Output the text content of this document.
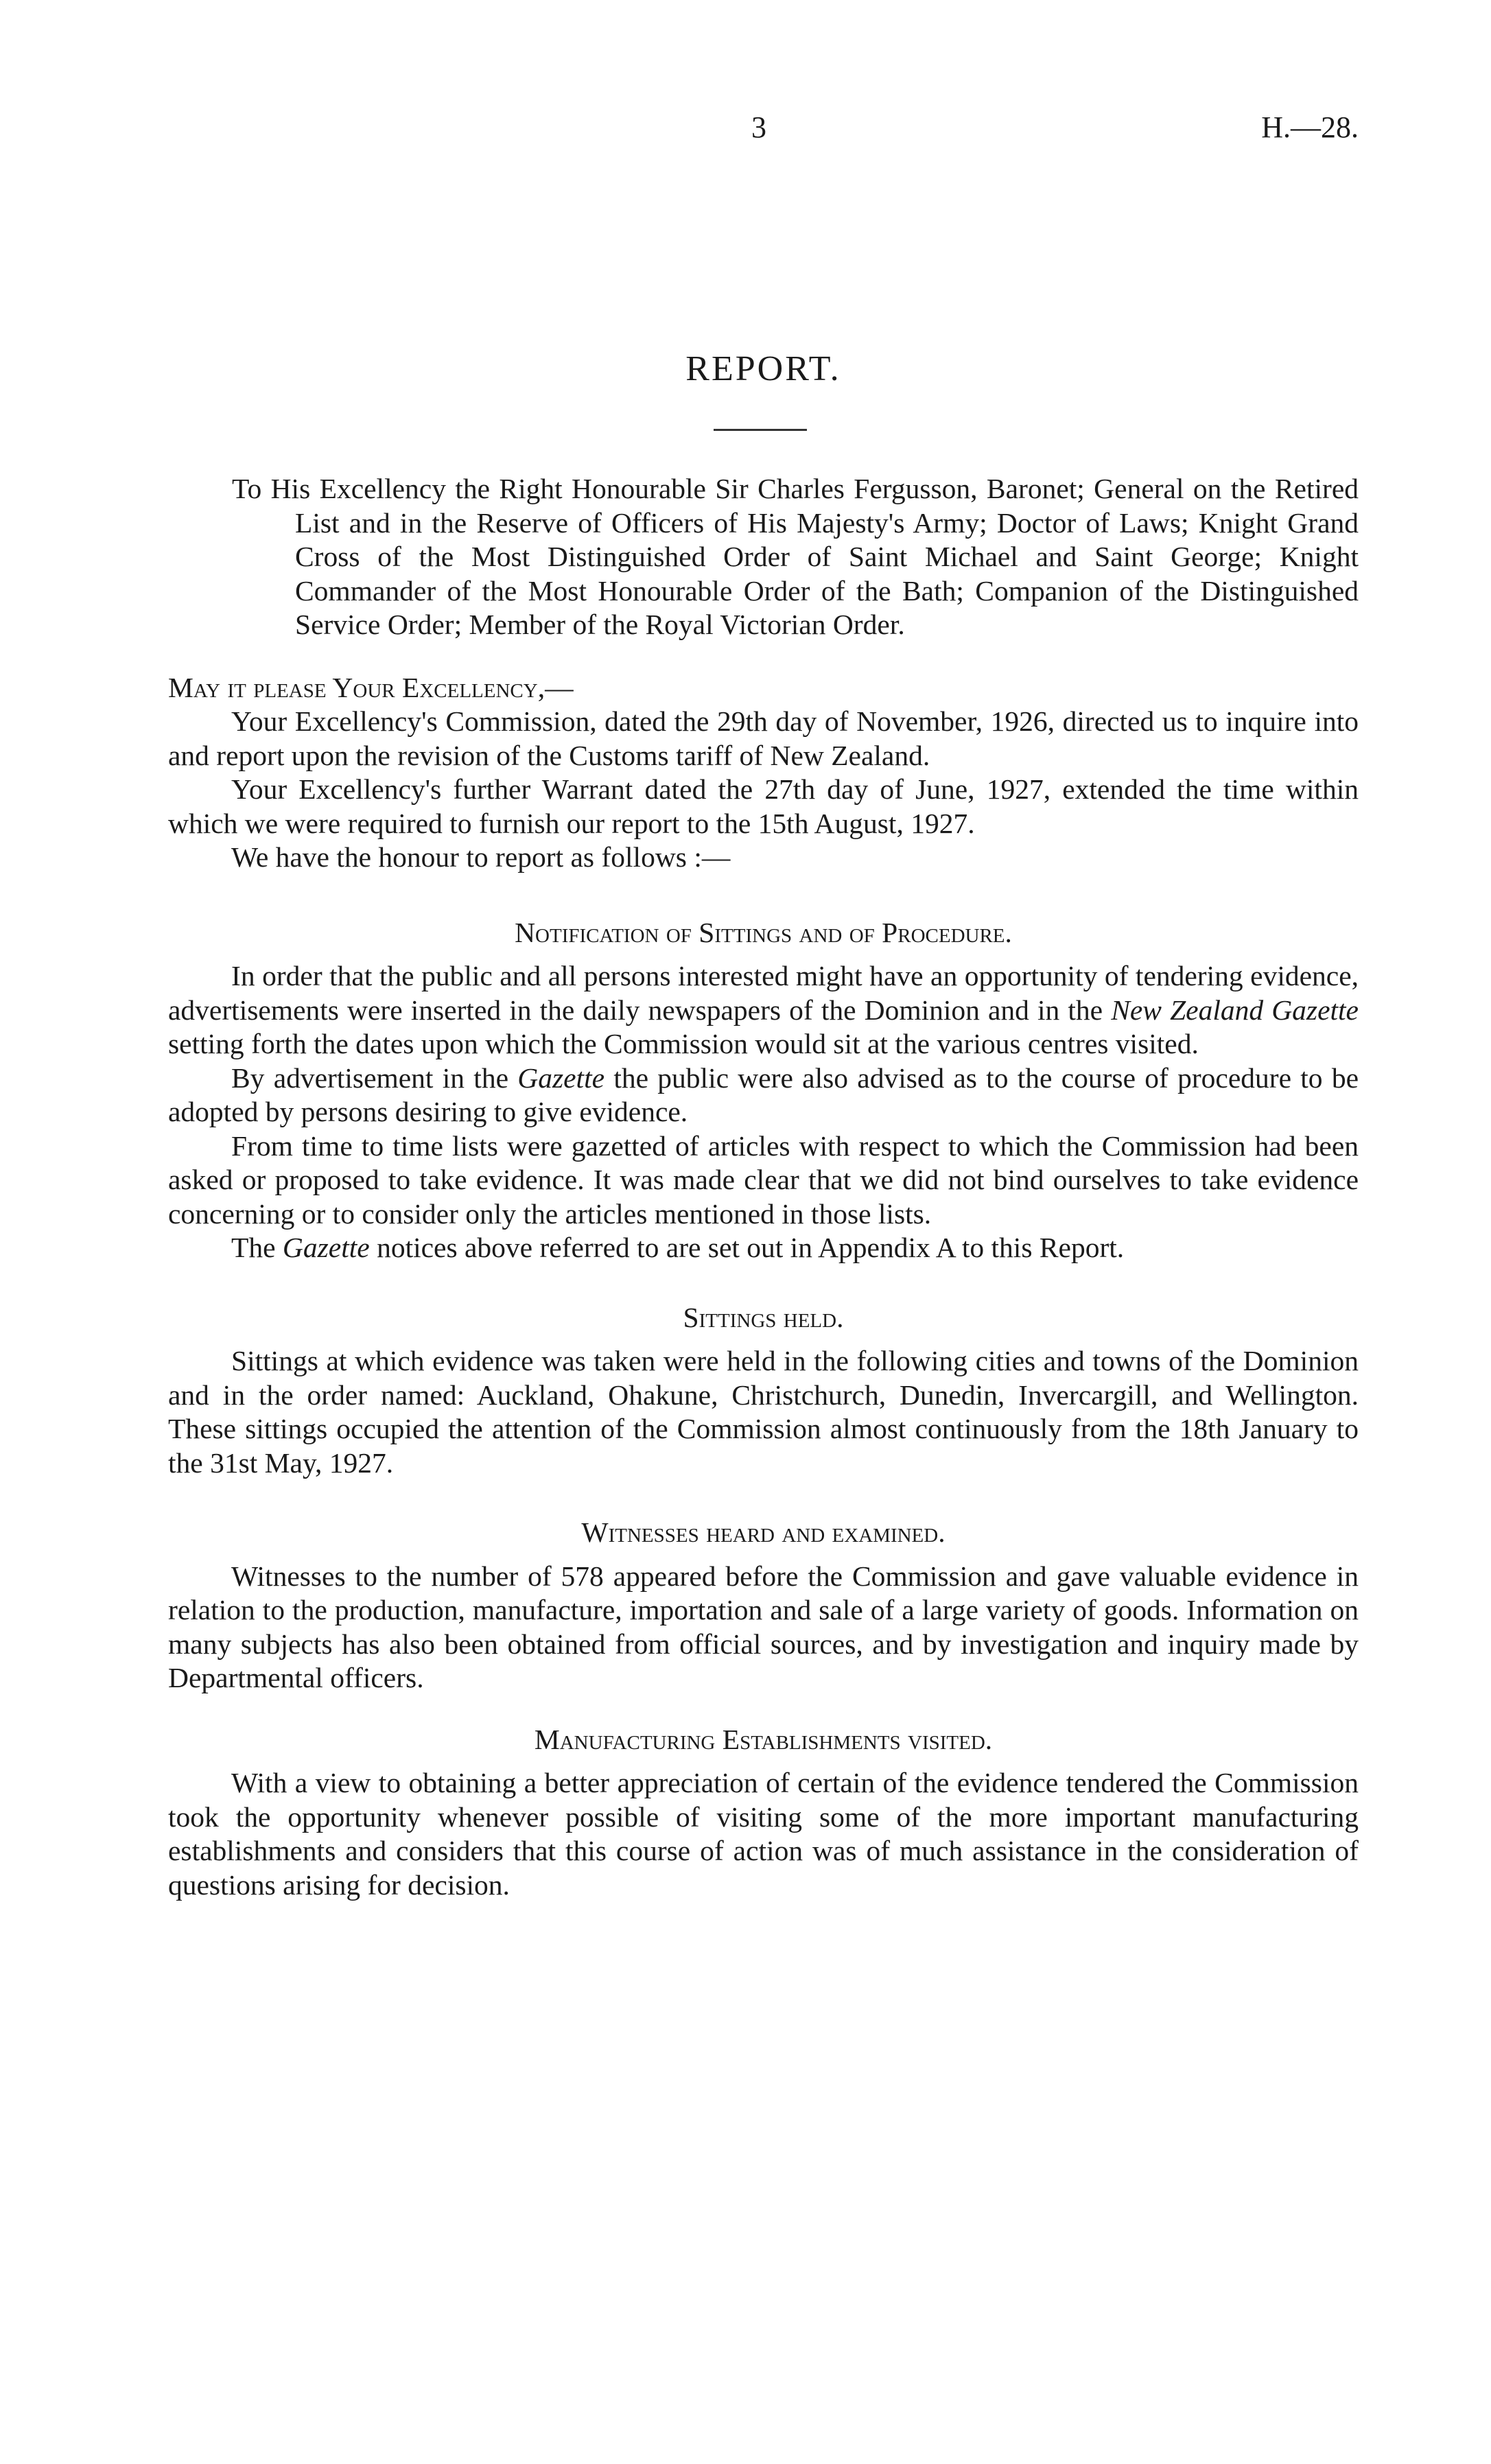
3	H.—28.
REPORT.

To His Excellency the Right Honourable Sir Charles Fergusson, Baronet; General on the Retired List and in the Reserve of Officers of His Majesty's Army; Doctor of Laws; Knight Grand Cross of the Most Distinguished Order of Saint Michael and Saint George; Knight Commander of the Most Honourable Order of the Bath; Companion of the Distinguished Service Order; Member of the Royal Victorian Order.

May it please Your Excellency,—

Your Excellency's Commission, dated the 29th day of November, 1926, directed us to inquire into and report upon the revision of the Customs tariff of New Zealand.

Your Excellency's further Warrant dated the 27th day of June, 1927, extended the time within which we were required to furnish our report to the 15th August, 1927.

We have the honour to report as follows :—

Notification of Sittings and of Procedure.

In order that the public and all persons interested might have an opportunity of tendering evidence, advertisements were inserted in the daily newspapers of the Dominion and in the New Zealand Gazette setting forth the dates upon which the Commission would sit at the various centres visited.

By advertisement in the Gazette the public were also advised as to the course of procedure to be adopted by persons desiring to give evidence.

From time to time lists were gazetted of articles with respect to which the Commission had been asked or proposed to take evidence. It was made clear that we did not bind ourselves to take evidence concerning or to consider only the articles mentioned in those lists.

The Gazette notices above referred to are set out in Appendix A to this Report.

Sittings held.

Sittings at which evidence was taken were held in the following cities and towns of the Dominion and in the order named: Auckland, Ohakune, Christchurch, Dunedin, Invercargill, and Wellington. These sittings occupied the attention of the Commission almost continuously from the 18th January to the 31st May, 1927.

Witnesses heard and examined.

Witnesses to the number of 578 appeared before the Commission and gave valuable evidence in relation to the production, manufacture, importation and sale of a large variety of goods. Information on many subjects has also been obtained from official sources, and by investigation and inquiry made by Departmental officers.

Manufacturing Establishments visited.

With a view to obtaining a better appreciation of certain of the evidence tendered the Commission took the opportunity whenever possible of visiting some of the more important manufacturing establishments and considers that this course of action was of much assistance in the consideration of questions arising for decision.
